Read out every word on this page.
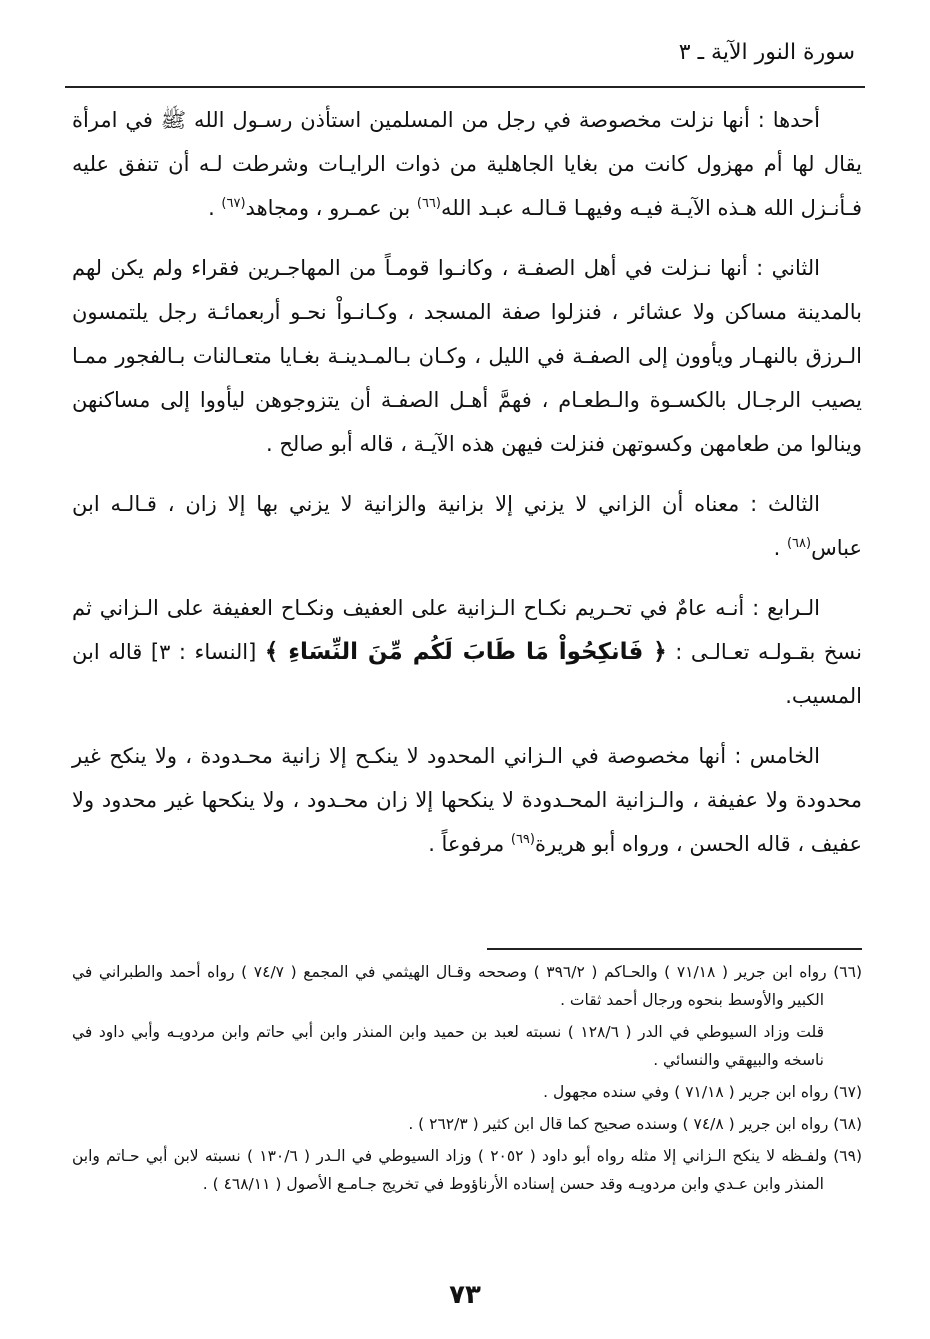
سورة النور الآية ـ ٣

أحدها : أنها نزلت مخصوصة في رجل من المسلمين استأذن رسـول الله ﷺ في امرأة يقال لها أم مهزول كانت من بغايا الجاهلية من ذوات الرايـات وشرطت لـه أن تنفق عليه فـأنـزل الله هـذه الآيـة فيـه وفيهـا قـالـه عبـد الله$^{(٦٦)}$ بن عمـرو ، ومجاهد$^{(٦٧)}$ .

الثاني : أنها نـزلت في أهل الصفـة ، وكانـوا قومـاً من المهاجـرين فقراء ولم يكن لهم بالمدينة مساكن ولا عشائر ، فنزلوا صفة المسجد ، وكـانـواْ نحـو أربعمائـة رجل يلتمسون الـرزق بالنهـار ويأوون إلى الصفـة في الليل ، وكـان بـالمـدينـة بغـايا متعـالنات بـالفجور ممـا يصيب الرجـال بالكسـوة والـطعـام ، فهمَّ أهـل الصفـة أن يتزوجوهن ليأووا إلى مساكنهن وينالوا من طعامهن وكسوتهن فنزلت فيهن هذه الآيـة ، قاله أبو صالح .

الثالث : معناه أن الزاني لا يزني إلا بزانية والزانية لا يزني بها إلا زان ، قـالـه ابن عباس$^{(٦٨)}$ .

الـرابع : أنـه عامٌ في تحـريم نكـاح الـزانية على العفيف ونكـاح العفيفة على الـزاني ثم نسخ بقـولـه تعـالـى : ﴿ فَانكِحُواْ مَا طَابَ لَكُم مِّنَ النِّسَاءِ ﴾ [النساء : ٣] قاله ابن المسيب.

الخامس : أنها مخصوصة في الـزاني المحدود لا ينكـح إلا زانية محـدودة ، ولا ينكح غير محدودة ولا عفيفة ، والـزانية المحـدودة لا ينكحها إلا زان محـدود ، ولا ينكحها غير محدود ولا عفيف ، قاله الحسن ، ورواه أبو هريرة$^{(٦٩)}$ مرفوعاً .

(٦٦) رواه ابن جرير ( ٧١/١٨ ) والحـاكم ( ٣٩٦/٢ ) وصححه وقـال الهيثمي في المجمع ( ٧٤/٧ ) رواه أحمد والطبراني في الكبير والأوسط بنحوه ورجال أحمد ثقات .

قلت وزاد السيوطي في الدر ( ١٢٨/٦ ) نسبته لعبد بن حميد وابن المنذر وابن أبي حاتم وابن مردويـه وأبي داود في ناسخه والبيهقي والنسائي .

(٦٧) رواه ابن جرير ( ٧١/١٨ ) وفي سنده مجهول .

(٦٨) رواه ابن جرير ( ٧٤/٨ ) وسنده صحيح كما قال ابن كثير ( ٢٦٢/٣ ) .

(٦٩) ولفـظه لا ينكح الـزاني إلا مثله رواه أبو داود ( ٢٠٥٢ ) وزاد السيوطي في الـدر ( ١٣٠/٦ ) نسبته لابن أبي حـاتم وابن المنذر وابن عـدي وابن مردويـه وقد حسن إسناده الأرناؤوط في تخريج جـامـع الأصول ( ٤٦٨/١١ ) .

٧٣
